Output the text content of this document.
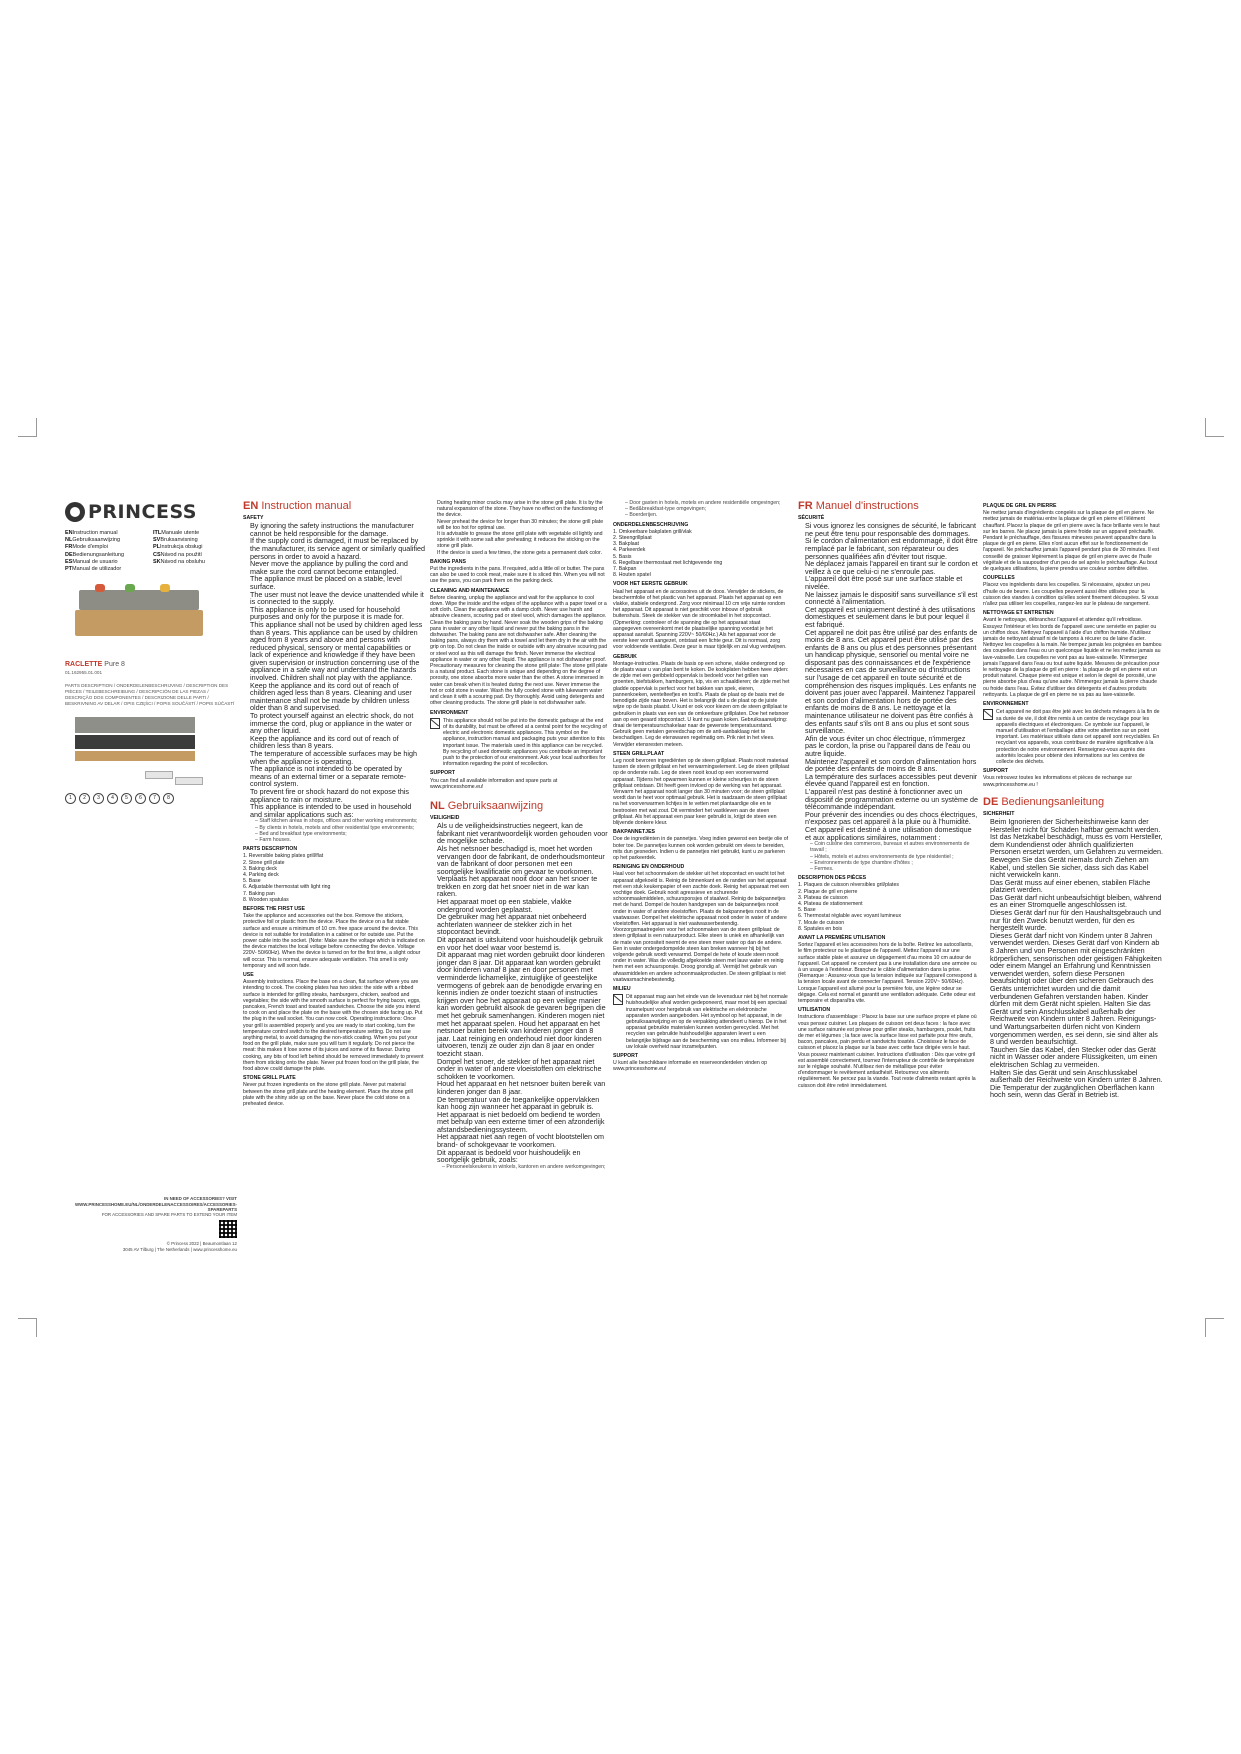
PRINCESS
ENInstruction manual	ITLManuale utente
NLGebruiksaanwijzing	SVBruksanvisning
FRMode d'emploi	PLInstrukcja obsługi
DEBedienungsanleitung	CSNávod na použití
ESManual de usuario	SKNávod na obsluhu
PTManual de utilizador
RACLETTE Pure 8
01.162955.01.001
PARTS DESCRIPTION / ONDERDELENBESCHRIJVING / DESCRIPTION DES PIÈCES / TEILEBESCHREIBUNG / DESCRIPCIÓN DE LAS PIEZAS / DESCRIÇÃO DOS COMPONENTES / DESCRIZIONE DELLE PARTI / BESKRIVNING AV DELAR / OPIS CZĘŚCI / POPIS SOUČÁSTÍ / POPIS SÚČASTÍ
1 2 3 4 5 6 7 8
IN NEED OF ACCESSORIES? VISIT
WWW.PRINCESSHOME.EU/NL/ONDERDELENACCESSOIRES/ACCESSORIES-SPAREPARTS
FOR ACCESSORIES AND SPARE PARTS TO EXTEND YOUR ITEM
© Princess 2022 | Beaumontlaan 12
3045 AV Tilburg | The Netherlands | www.princesshome.eu
EN Instruction manual
SAFETY
• By ignoring the safety instructions the manufacturer cannot be held responsible for the damage.
• If the supply cord is damaged, it must be replaced by the manufacturer, its service agent or similarly qualified persons in order to avoid a hazard.
• Never move the appliance by pulling the cord and make sure the cord cannot become entangled.
• The appliance must be placed on a stable, level surface.
• The user must not leave the device unattended while it is connected to the supply.
• This appliance is only to be used for household purposes and only for the purpose it is made for.
• This appliance shall not be used by children aged less than 8 years. This appliance can be used by children aged from 8 years and above and persons with reduced physical, sensory or mental capabilities or lack of experience and knowledge if they have been given supervision or instruction concerning use of the appliance in a safe way and understand the hazards involved. Children shall not play with the appliance. Keep the appliance and its cord out of reach of children aged less than 8 years. Cleaning and user maintenance shall not be made by children unless older than 8 and supervised.
• To protect yourself against an electric shock, do not immerse the cord, plug or appliance in the water or any other liquid.
• Keep the appliance and its cord out of reach of children less than 8 years.
• The temperature of accessible surfaces may be high when the appliance is operating.
• The appliance is not intended to be operated by means of an external timer or a separate remote-control system.
• To prevent fire or shock hazard do not expose this appliance to rain or moisture.
• This appliance is intended to be used in household and similar applications such as:

– Staff kitchen areas in shops, offices and other working environments;

– By clients in hotels, motels and other residential type environments;

– Bed and breakfast type environments;

– Farm houses.

PARTS DESCRIPTION

1. Reversible baking plates grill/flat

2. Stone grill plate

3. Baking deck

4. Parking deck

5. Base

6. Adjustable thermostat with light ring

7. Baking pan

8. Wooden spatulas

BEFORE THE FIRST USE

Take the appliance and accessories out the box. Remove the stickers, protective foil or plastic from the device. Place the device on a flat stable surface and ensure a minimum of 10 cm. free space around the device. This device is not suitable for installation in a cabinet or for outside use. Put the power cable into the socket. (Note: Make sure the voltage which is indicated on the device matches the local voltage before connecting the device. Voltage 220V- 50/60Hz). When the device is turned on for the first time, a slight odour will occur. This is normal, ensure adequate ventilation. This smell is only temporary and will soon fade.

USE

Assembly instructions. Place the base on a clean, flat surface where you are intending to cook. The cooking plates has two sides: the side with a ribbed surface is intended for grilling steaks, hamburgers, chicken, seafood and vegetables; the side with the smooth surface is perfect for frying bacon, eggs, pancakes, French toast and toasted sandwiches. Choose the side you intend to cook on and place the plate on the base with the chosen side facing up. Put the plug in the wall socket. You can now cook. Operating instructions: Once your grill is assembled properly and you are ready to start cooking, turn the temperature control switch to the desired temperature setting. Do not use anything metal, to avoid damaging the non-stick coating. When you put your food on the grill plate, make sure you will turn it regularly. Do not pierce the meat: this makes it lose some of its juices and some of its flavour. During cooking, any bits of food left behind should be removed immediately to prevent them from sticking onto the plate. Never put frozen food on the grill plate, the food above could damage the plate.

STONE GRILL PLATE

Never put frozen ingredients on the stone grill plate. Never put material between the stone grill plate and the heating element. Place the stone grill plate with the shiny side up on the base. Never place the cold stone on a preheated device.

• During heating minor cracks may arise in the stone grill plate. It is by the natural expansion of the stone. They have no effect on the functioning of the device.
• Never preheat the device for longer than 30 minutes; the stone grill plate will be too hot for optimal use.
• It is advisable to grease the stone grill plate with vegetable oil lightly and sprinkle it with some salt after preheating; it reduces the sticking on the stone grill plate.
• If the device is used a few times, the stone gets a permanent dark color.
BAKING PANS

Put the ingredients in the pans. If required, add a little oil or butter. The pans can also be used to cook meat, make sure it is sliced thin. When you will not use the pans, you can park them on the parking deck.

CLEANING AND MAINTENANCE

Before cleaning, unplug the appliance and wait for the appliance to cool down. Wipe the inside and the edges of the appliance with a paper towel or a soft cloth. Clean the appliance with a damp cloth. Never use harsh and abrasive cleaners, scouring pad or steel wool, which damages the appliance. Clean the baking pans by hand. Never soak the wooden grips of the baking pans in water or any other liquid and never put the baking pans in the dishwasher. The baking pans are not dishwasher safe. After cleaning the baking pans, always dry them with a towel and let them dry in the air with the grip on top. Do not clean the inside or outside with any abrasive scouring pad or steel wool as this will damage the finish. Never immerse the electrical appliance in water or any other liquid. The appliance is not dishwasher proof. Precautionary measures for cleaning the stone grill plate: The stone grill plate is a natural product. Each stone is unique and depending on the degree of porosity, one stone absorbs more water than the other. A stone immersed in water can break when it is heated during the next use. Never immerse the hot or cold stone in water. Wash the fully cooled stone with lukewarm water and clean it with a scouring pad. Dry thoroughly. Avoid using detergents and other cleaning products. The stone grill plate is not dishwasher safe.

ENVIRONMENT

This appliance should not be put into the domestic garbage at the end of its durability, but must be offered at a central point for the recycling of electric and electronic domestic appliances. This symbol on the appliance, instruction manual and packaging puts your attention to this important issue. The materials used in this appliance can be recycled. By recycling of used domestic appliances you contribute an important push to the protection of our environment. Ask your local authorities for information regarding the point of recollection.

SUPPORT

You can find all available information and spare parts at www.princesshome.eu!

NL Gebruiksaanwijzing
VEILIGHEID
• Als u de veiligheidsinstructies negeert, kan de fabrikant niet verantwoordelijk worden gehouden voor de mogelijke schade.
• Als het netsnoer beschadigd is, moet het worden vervangen door de fabrikant, de onderhoudsmonteur van de fabrikant of door personen met een soortgelijke kwalificatie om gevaar te voorkomen.
• Verplaats het apparaat nooit door aan het snoer te trekken en zorg dat het snoer niet in de war kan raken.
• Het apparaat moet op een stabiele, vlakke ondergrond worden geplaatst.
• De gebruiker mag het apparaat niet onbeheerd achterlaten wanneer de stekker zich in het stopcontact bevindt.
• Dit apparaat is uitsluitend voor huishoudelijk gebruik en voor het doel waar voor bestemd is.
• Dit apparaat mag niet worden gebruikt door kinderen jonger dan 8 jaar. Dit apparaat kan worden gebruikt door kinderen vanaf 8 jaar en door personen met verminderde lichamelijke, zintuiglijke of geestelijke vermogens of gebrek aan de benodigde ervaring en kennis indien ze onder toezicht staan of instructies krijgen over hoe het apparaat op een veilige manier kan worden gebruikt alsook de gevaren begrijpen die met het gebruik samenhangen. Kinderen mogen niet met het apparaat spelen. Houd het apparaat en het netsnoer buiten bereik van kinderen jonger dan 8 jaar. Laat reiniging en onderhoud niet door kinderen uitvoeren, tenzij ze ouder zijn dan 8 jaar en onder toezicht staan.
• Dompel het snoer, de stekker of het apparaat niet onder in water of andere vloeistoffen om elektrische schokken te voorkomen.
• Houd het apparaat en het netsnoer buiten bereik van kinderen jonger dan 8 jaar.
• De temperatuur van de toegankelijke oppervlakken kan hoog zijn wanneer het apparaat in gebruik is.
• Het apparaat is niet bedoeld om bediend te worden met behulp van een externe timer of een afzonderlijk afstandsbedieningssysteem.
• Het apparaat niet aan regen of vocht blootstellen om brand- of schokgevaar te voorkomen.
• Dit apparaat is bedoeld voor huishoudelijk en soortgelijk gebruik, zoals:

– Personeelskeukens in winkels, kantoren en andere werkomgevingen;

– Door gasten in hotels, motels en andere residentiële omgevingen;

– Bed&breakfast-type omgevingen;

– Boerderijen.

ONDERDELENBESCHRIJVING

1. Omkeerbare bakplaten grill/vlak

2. Steengrillplaat

3. Bakplaat

4. Parkeerdek

5. Basis

6. Regelbare thermostaat met lichtgevende ring

7. Bakpan

8. Houten spatel

VOOR HET EERSTE GEBRUIK

Haal het apparaat en de accessoires uit de doos. Verwijder de stickers, de beschermfolie of het plastic van het apparaat. Plaats het apparaat op een vlakke, stabiele ondergrond. Zorg voor minimaal 10 cm vrije ruimte rondom het apparaat. Dit apparaat is niet geschikt voor inbouw of gebruik buitenshuis. Steek de stekker van de stroomkabel in het stopcontact. (Opmerking: controleer of de spanning die op het apparaat staat aangegeven overeenkomt met de plaatselijke spanning voordat je het apparaat aansluit. Spanning 220V~ 50/60Hz.) Als het apparaat voor de eerste keer wordt aangezet, ontstaat een lichte geur. Dit is normaal, zorg voor voldoende ventilatie. Deze geur is maar tijdelijk en zal vlug verdwijnen.

GEBRUIK

Montage-instructies. Plaats de basis op een schone, vlakke ondergrond op de plaats waar u van plan bent te koken. De kookplaten hebben twee zijden: de zijde met een geribbeld oppervlak is bedoeld voor het grillen van groenten, biefstukken, hamburgers, kip, vis en schaaldieren; de zijde met het gladde oppervlak is perfect voor het bakken van spek, eieren, pannenkoeken, wentelteefjes en tosti's. Plaats de plaat op de basis met de benodigde zijde naar boven. Het is belangrijk dat u de plaat op de juiste wijze op de basis plaatst. U kunt er ook voor kiezen om de steen grillplaat te gebruiken in plaats van een van de omkeerbare grillplaten. Doe het netsnoer aan op een geaard stopcontact. U kunt nu gaan koken. Gebruiksaanwijzing: draai de temperatuurschakelaar naar de gewenste temperatuurstand. Gebruik geen metalen gereedschap om de anti-aanbaklaag niet te beschadigen. Leg de etenswaren regelmatig om. Prik niet in het vlees. Verwijder etensresten meteen.

STEEN GRILLPLAAT

Leg nooit bevroren ingrediënten op de steen grillplaat. Plaats nooit materiaal tussen de steen grillplaat en het verwarmingselement. Leg de steen grillplaat op de onderste rails. Leg de steen nooit koud op een voorverwarmd apparaat. Tijdens het opwarmen kunnen er kleine scheurtjes in de steen grillplaat ontstaan. Dit heeft geen invloed op de werking van het apparaat. Verwarm het apparaat nooit langer dan 30 minuten voor; de steen grillplaat wordt dan te heet voor optimaal gebruik. Het is raadzaam de steen grillplaat na het voorverwarmen lichtjes in te vetten met plantaardige olie en te bestrooien met wat zout. Dit vermindert het vastkleven aan de steen grillplaat. Als het apparaat een paar keer gebruikt is, krijgt de steen een blijvende donkere kleur.

BAKPANNETJES

Doe de ingrediënten in de pannetjes. Voeg indien gewenst een beetje olie of boter toe. De pannetjes kunnen ook worden gebruikt om vlees te bereiden, mits dun gesneden. Indien u de pannetjes niet gebruikt, kunt u ze parkeren op het parkeerdek.

REINIGING EN ONDERHOUD

Haal voor het schoonmaken de stekker uit het stopcontact en wacht tot het apparaat afgekoeld is. Reinig de binnenkant en de randen van het apparaat met een stuk keukenpapier of een zachte doek. Reinig het apparaat met een vochtige doek. Gebruik nooit agressieve en schurende schoonmaakmiddelen, schuursponsjes of staalwol. Reinig de bakpannetjes met de hand. Dompel de houten handgrepen van de bakpannetjes nooit onder in water of andere vloeistoffen. Plaats de bakpannetjes nooit in de vaatwasser. Dompel het elektrische apparaat nooit onder in water of andere vloeistoffen. Het apparaat is niet vaatwasserbestendig. Voorzorgsmaatregelen voor het schoonmaken van de steen grillplaat: de steen grillplaat is een natuurproduct. Elke steen is uniek en afhankelijk van de mate van porositeit neemt de ene steen meer water op dan de andere. Een in water ondergedompelde steen kan breken wanneer hij bij het volgende gebruik wordt verwarmd. Dompel de hete of koude steen nooit onder in water. Was de volledig afgekoelde steen met lauw water en reinig hem met een schuursponsje. Droog grondig af. Vermijd het gebruik van afwasmiddelen en andere schoonmaakproducten. De steen grillplaat is niet vaatwasmachinebestendig.

MILIEU

Dit apparaat mag aan het einde van de levensduur niet bij het normale huishoudelijke afval worden gedeponeerd, maar moet bij een speciaal inzamelpunt voor hergebruik van elektrische en elektronische apparaten worden aangeboden. Het symbool op het apparaat, in de gebruiksaanwijzing en op de verpakking attendeert u hierop. De in het apparaat gebruikte materialen kunnen worden gerecycled. Met het recyclen van gebruikte huishoudelijke apparaten levert u een belangrijke bijdrage aan de bescherming van ons milieu. Informeer bij uw lokale overheid naar inzamelpunten.

SUPPORT

U kunt alle beschikbare informatie en reserveonderdelen vinden op www.princesshome.eu!

FR Manuel d'instructions
SÉCURITÉ
• Si vous ignorez les consignes de sécurité, le fabricant ne peut être tenu pour responsable des dommages.
• Si le cordon d'alimentation est endommagé, il doit être remplacé par le fabricant, son réparateur ou des personnes qualifiées afin d'éviter tout risque.
• Ne déplacez jamais l'appareil en tirant sur le cordon et veillez à ce que celui-ci ne s'enroule pas.
• L'appareil doit être posé sur une surface stable et nivelée.
• Ne laissez jamais le dispositif sans surveillance s'il est connecté à l'alimentation.
• Cet appareil est uniquement destiné à des utilisations domestiques et seulement dans le but pour lequel il est fabriqué.
• Cet appareil ne doit pas être utilisé par des enfants de moins de 8 ans. Cet appareil peut être utilisé par des enfants de 8 ans ou plus et des personnes présentant un handicap physique, sensoriel ou mental voire ne disposant pas des connaissances et de l'expérience nécessaires en cas de surveillance ou d'instructions sur l'usage de cet appareil en toute sécurité et de compréhension des risques impliqués. Les enfants ne doivent pas jouer avec l'appareil. Maintenez l'appareil et son cordon d'alimentation hors de portée des enfants de moins de 8 ans. Le nettoyage et la maintenance utilisateur ne doivent pas être confiés à des enfants sauf s'ils ont 8 ans ou plus et sont sous surveillance.
• Afin de vous éviter un choc électrique, n'immergez pas le cordon, la prise ou l'appareil dans de l'eau ou autre liquide.
• Maintenez l'appareil et son cordon d'alimentation hors de portée des enfants de moins de 8 ans.
• La température des surfaces accessibles peut devenir élevée quand l'appareil est en fonction.
• L'appareil n'est pas destiné à fonctionner avec un dispositif de programmation externe ou un système de télécommande indépendant.
• Pour prévenir des incendies ou des chocs électriques, n'exposez pas cet appareil à la pluie ou à l'humidité.
• Cet appareil est destiné à une utilisation domestique et aux applications similaires, notamment :

– Coin cuisine des commerces, bureaux et autres environnements de travail ;

– Hôtels, motels et autres environnements de type résidentiel ;

– Environnements de type chambre d'hôtes ;

– Fermes.

DESCRIPTION DES PIÈCES

1. Plaques de cuisson réversibles gril/plates

2. Plaque de gril en pierre

3. Plateau de cuisson

4. Plateau de stationnement

5. Base

6. Thermostat réglable avec voyant lumineux

7. Moule de cuisson

8. Spatules en bois

AVANT LA PREMIÈRE UTILISATION

Sortez l'appareil et les accessoires hors de la boîte. Retirez les autocollants, le film protecteur ou le plastique de l'appareil. Mettez l'appareil sur une surface stable plate et assurez un dégagement d'au moins 10 cm autour de l'appareil. Cet appareil ne convient pas à une installation dans une armoire ou à un usage à l'extérieur. Branchez le câble d'alimentation dans la prise. (Remarque : Assurez-vous que la tension indiquée sur l'appareil correspond à la tension locale avant de connecter l'appareil. Tension 220V~ 50/60Hz). Lorsque l'appareil est allumé pour la première fois, une légère odeur se dégage. Cela est normal et garantit une ventilation adéquate. Cette odeur est temporaire et disparaîtra vite.

UTILISATION

Instructions d'assemblage : Placez la base sur une surface propre et plane où vous pensez cuisiner. Les plaques de cuisson ont deux faces : la face avec une surface rainurée est prévue pour griller steaks, hamburgers, poulet, fruits de mer et légumes ; la face avec la surface lisse est parfaite pour frire œufs, bacon, pancakes, pain perdu et sandwichs toastés. Choisissez le face de cuisson et placez la plaque sur la base avec cette face dirigée vers le haut. Vous pouvez maintenant cuisiner. Instructions d'utilisation : Dès que votre gril est assemblé correctement, tournez l'interrupteur de contrôle de température sur le réglage souhaité. N'utilisez rien de métallique pour éviter d'endommager le revêtement antiadhésif. Retournez vos aliments régulièrement. Ne percez pas la viande. Tout reste d'aliments restant après la cuisson doit être retiré immédiatement.

PLAQUE DE GRIL EN PIERRE

Ne mettez jamais d'ingrédients congelés sur la plaque de gril en pierre. Ne mettez jamais de matériau entre la plaque de gril en pierre et l'élément chauffant. Placez la plaque de gril en pierre avec la face brillante vers le haut sur les barres. Ne placez jamais la pierre froide sur un appareil préchauffé. Pendant le préchauffage, des fissures mineures peuvent apparaître dans la plaque de gril en pierre. Elles n'ont aucun effet sur le fonctionnement de l'appareil. Ne préchauffez jamais l'appareil pendant plus de 30 minutes. Il est conseillé de graisser légèrement la plaque de gril en pierre avec de l'huile végétale et de la saupoudrer d'un peu de sel après le préchauffage. Au bout de quelques utilisations, la pierre prendra une couleur sombre définitive.

COUPELLES

Placez vos ingrédients dans les coupelles. Si nécessaire, ajoutez un peu d'huile ou de beurre. Les coupelles peuvent aussi être utilisées pour la cuisson des viandes à condition qu'elles soient finement découpées. Si vous n'allez pas utiliser les coupelles, rangez-les sur le plateau de rangement.

NETTOYAGE ET ENTRETIEN

Avant le nettoyage, débranchez l'appareil et attendez qu'il refroidisse. Essuyez l'intérieur et les bords de l'appareil avec une serviette en papier ou un chiffon doux. Nettoyez l'appareil à l'aide d'un chiffon humide. N'utilisez jamais de nettoyant abrasif ni de tampons à récurer ou de laine d'acier. Nettoyez les coupelles à la main. Ne trempez jamais les poignées en bambou des coupelles dans l'eau ou un quelconque liquide et ne les mettez jamais au lave-vaisselle. Les coupelles ne vont pas au lave-vaisselle. N'immergez jamais l'appareil dans l'eau ou tout autre liquide. Mesures de précaution pour le nettoyage de la plaque de gril en pierre : la plaque de gril en pierre est un produit naturel. Chaque pierre est unique et selon le degré de porosité, une pierre absorbe plus d'eau qu'une autre. N'immergez jamais la pierre chaude ou froide dans l'eau. Évitez d'utiliser des détergents et d'autres produits nettoyants. La plaque de gril en pierre ne va pas au lave-vaisselle.

ENVIRONNEMENT

Cet appareil ne doit pas être jeté avec les déchets ménagers à la fin de sa durée de vie, il doit être remis à un centre de recyclage pour les appareils électriques et électroniques. Ce symbole sur l'appareil, le manuel d'utilisation et l'emballage attire votre attention sur un point important. Les matériaux utilisés dans cet appareil sont recyclables. En recyclant vos appareils, vous contribuez de manière significative à la protection de notre environnement. Renseignez-vous auprès des autorités locales pour obtenir des informations sur les centres de collecte des déchets.

SUPPORT

Vous retrouvez toutes les informations et pièces de rechange sur www.princesshome.eu !

DE Bedienungsanleitung
SICHERHEIT
• Beim Ignorieren der Sicherheitshinweise kann der Hersteller nicht für Schäden haftbar gemacht werden.
• Ist das Netzkabel beschädigt, muss es vom Hersteller, dem Kundendienst oder ähnlich qualifizierten Personen ersetzt werden, um Gefahren zu vermeiden.
• Bewegen Sie das Gerät niemals durch Ziehen am Kabel, und stellen Sie sicher, dass sich das Kabel nicht verwickeln kann.
• Das Gerät muss auf einer ebenen, stabilen Fläche platziert werden.
• Das Gerät darf nicht unbeaufsichtigt bleiben, während es an einer Stromquelle angeschlossen ist.
• Dieses Gerät darf nur für den Haushaltsgebrauch und nur für den Zweck benutzt werden, für den es hergestellt wurde.
• Dieses Gerät darf nicht von Kindern unter 8 Jahren verwendet werden. Dieses Gerät darf von Kindern ab 8 Jahren und von Personen mit eingeschränkten körperlichen, sensorischen oder geistigen Fähigkeiten oder einem Mangel an Erfahrung und Kenntnissen verwendet werden, sofern diese Personen beaufsichtigt oder über den sicheren Gebrauch des Geräts unterrichtet wurden und die damit verbundenen Gefahren verstanden haben. Kinder dürfen mit dem Gerät nicht spielen. Halten Sie das Gerät und sein Anschlusskabel außerhalb der Reichweite von Kindern unter 8 Jahren. Reinigungs- und Wartungsarbeiten dürfen nicht von Kindern vorgenommen werden, es sei denn, sie sind älter als 8 und werden beaufsichtigt.
• Tauchen Sie das Kabel, den Stecker oder das Gerät nicht in Wasser oder andere Flüssigkeiten, um einen elektrischen Schlag zu vermeiden.
• Halten Sie das Gerät und sein Anschlusskabel außerhalb der Reichweite von Kindern unter 8 Jahren.
• Die Temperatur der zugänglichen Oberflächen kann hoch sein, wenn das Gerät in Betrieb ist.
